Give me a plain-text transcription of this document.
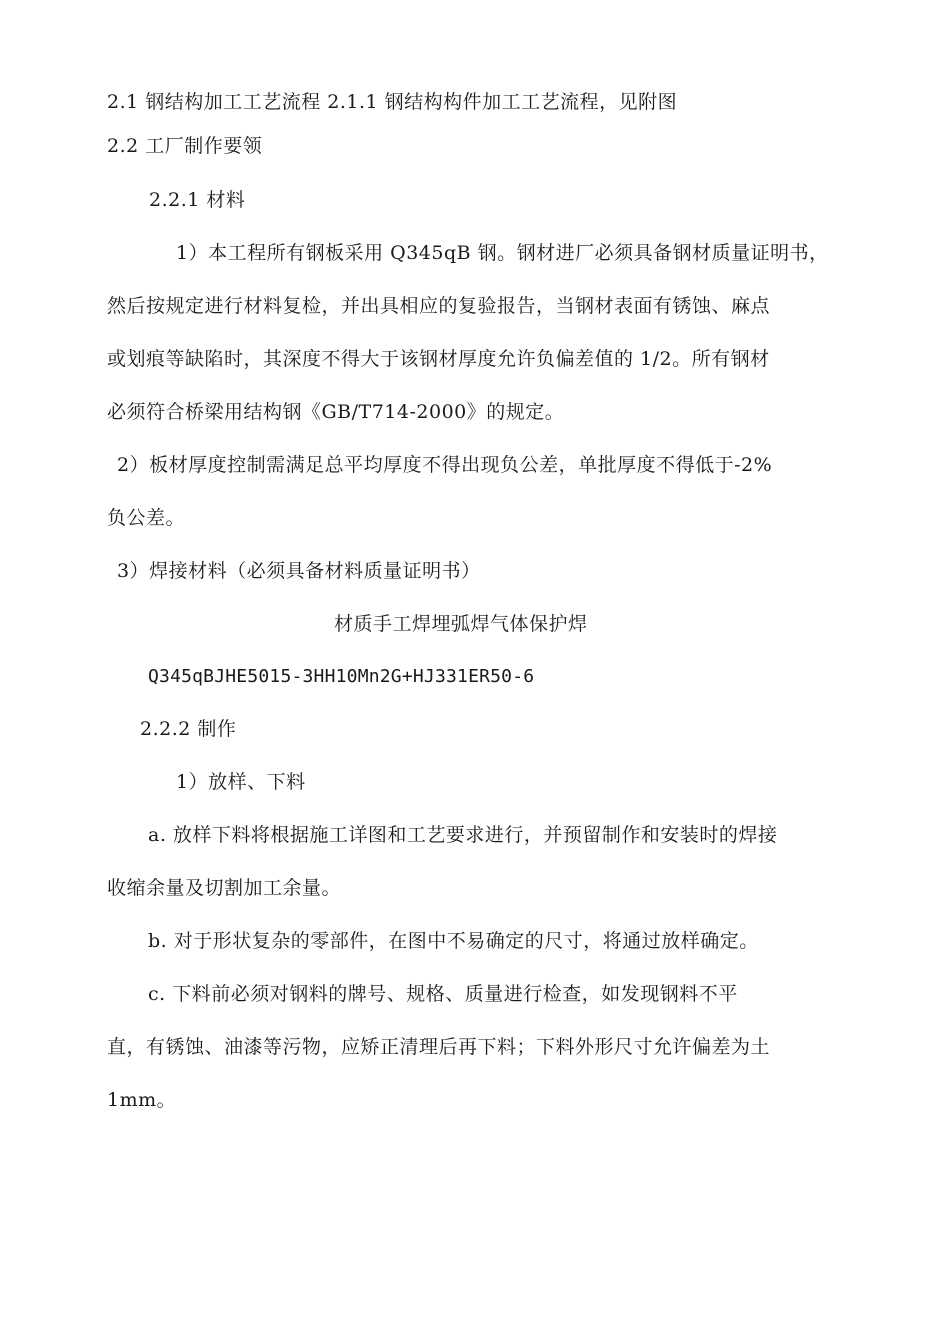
2.1 钢结构加工工艺流程 2.1.1 钢结构构件加工工艺流程，见附图
2.2 工厂制作要领
2.2.1 材料
1）本工程所有钢板采用 Q345qB 钢。钢材进厂必须具备钢材质量证明书，
然后按规定进行材料复检，并出具相应的复验报告，当钢材表面有锈蚀、麻点
或划痕等缺陷时，其深度不得大于该钢材厚度允许负偏差值的 1/2。所有钢材
必须符合桥梁用结构钢《GB/T714-2000》的规定。
2）板材厚度控制需满足总平均厚度不得出现负公差，单批厚度不得低于-2%
负公差。
3）焊接材料（必须具备材料质量证明书）
材质手工焊埋弧焊气体保护焊
Q345qBJHE5015-3HH10Mn2G+HJ331ER50-6
2.2.2 制作
1）放样、下料
a. 放样下料将根据施工详图和工艺要求进行，并预留制作和安装时的焊接
收缩余量及切割加工余量。
b. 对于形状复杂的零部件，在图中不易确定的尺寸，将通过放样确定。
c. 下料前必须对钢料的牌号、规格、质量进行检查，如发现钢料不平
直，有锈蚀、油漆等污物，应矫正清理后再下料；下料外形尺寸允许偏差为土
1mm。
